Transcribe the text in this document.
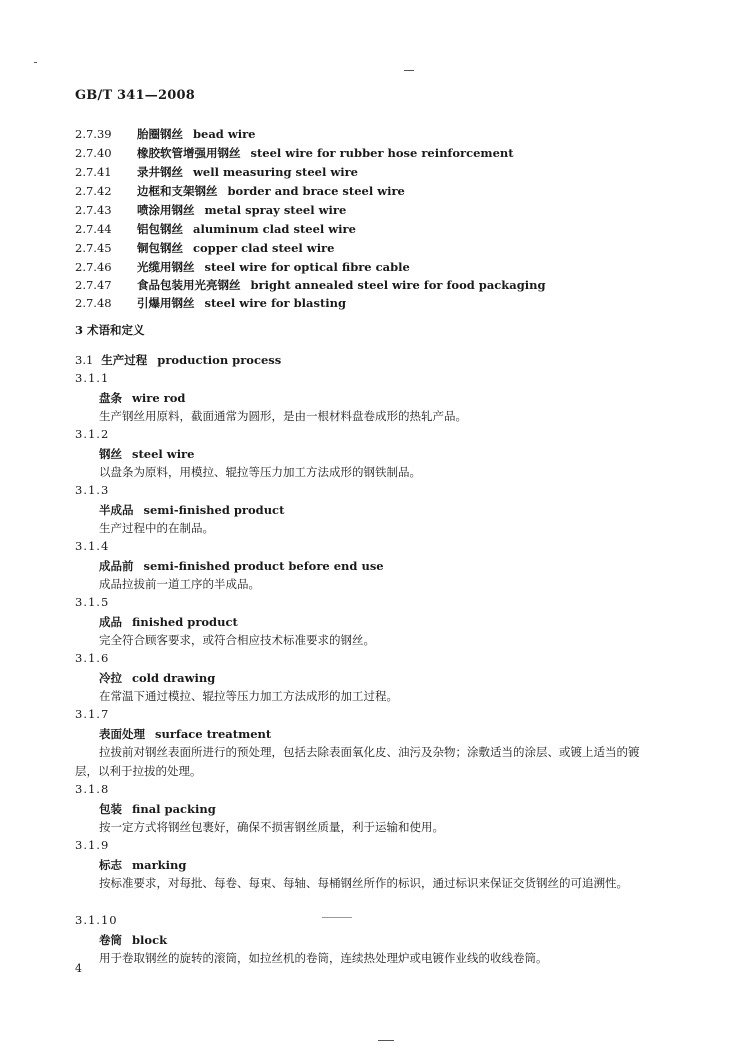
GB/T 341—2008
2.7.39 胎圈钢丝 bead wire
2.7.40 橡胶软管增强用钢丝 steel wire for rubber hose reinforcement
2.7.41 录井钢丝 well measuring steel wire
2.7.42 边框和支架钢丝 border and brace steel wire
2.7.43 喷涂用钢丝 metal spray steel wire
2.7.44 铝包钢丝 aluminum clad steel wire
2.7.45 铜包钢丝 copper clad steel wire
2.7.46 光缆用钢丝 steel wire for optical fibre cable
2.7.47 食品包装用光亮钢丝 bright annealed steel wire for food packaging
2.7.48 引爆用钢丝 steel wire for blasting
3 术语和定义
3.1 生产过程 production process
3.1.1
盘条 wire rod
生产钢丝用原料，截面通常为圆形，是由一根材料盘卷成形的热轧产品。
3.1.2
钢丝 steel wire
以盘条为原料，用模拉、辊拉等压力加工方法成形的钢铁制品。
3.1.3
半成品 semi-finished product
生产过程中的在制品。
3.1.4
成品前 semi-finished product before end use
成品拉拔前一道工序的半成品。
3.1.5
成品 finished product
完全符合顾客要求，或符合相应技术标准要求的钢丝。
3.1.6
冷拉 cold drawing
在常温下通过模拉、辊拉等压力加工方法成形的加工过程。
3.1.7
表面处理 surface treatment
拉拔前对钢丝表面所进行的预处理，包括去除表面氧化皮、油污及杂物；涂敷适当的涂层、或镀上适当的镀层，以利于拉拔的处理。
3.1.8
包装 final packing
按一定方式将钢丝包裹好，确保不损害钢丝质量，利于运输和使用。
3.1.9
标志 marking
按标准要求，对每批、每卷、每束、每轴、每桶钢丝所作的标识，通过标识来保证交货钢丝的可追溯性。
3.1.10
卷筒 block
用于卷取钢丝的旋转的滚筒，如拉丝机的卷筒，连续热处理炉或电镀作业线的收线卷筒。
4
